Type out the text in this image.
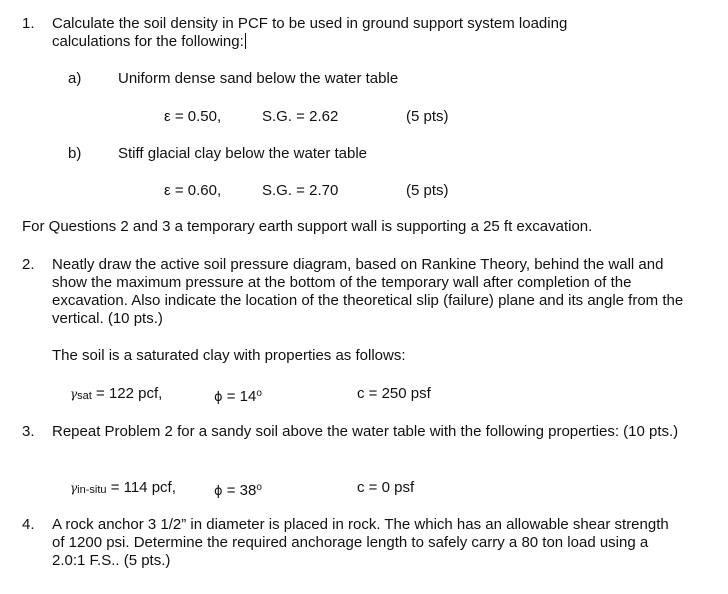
1. Calculate the soil density in PCF to be used in ground support system loading calculations for the following:
a) Uniform dense sand below the water table
ε = 0.50,	S.G. = 2.62	(5 pts)
b) Stiff glacial clay below the water table
ε = 0.60,	S.G. = 2.70	(5 pts)
For Questions 2 and 3 a temporary earth support wall is supporting a 25 ft excavation.
2. Neatly draw the active soil pressure diagram, based on Rankine Theory, behind the wall and show the maximum pressure at the bottom of the temporary wall after completion of the excavation. Also indicate the location of the theoretical slip (failure) plane and its angle from the vertical. (10 pts.)
The soil is a saturated clay with properties as follows:
γsat = 122 pcf,	$\phi = 14^o$	c = 250 psf
3. Repeat Problem 2 for a sandy soil above the water table with the following properties: (10 pts.)
γin-situ = 114 pcf,	$\phi = 38^o$	c = 0 psf
4. A rock anchor 3 1/2” in diameter is placed in rock. The which has an allowable shear strength of 1200 psi. Determine the required anchorage length to safely carry a 80 ton load using a 2.0:1 F.S.. (5 pts.)
